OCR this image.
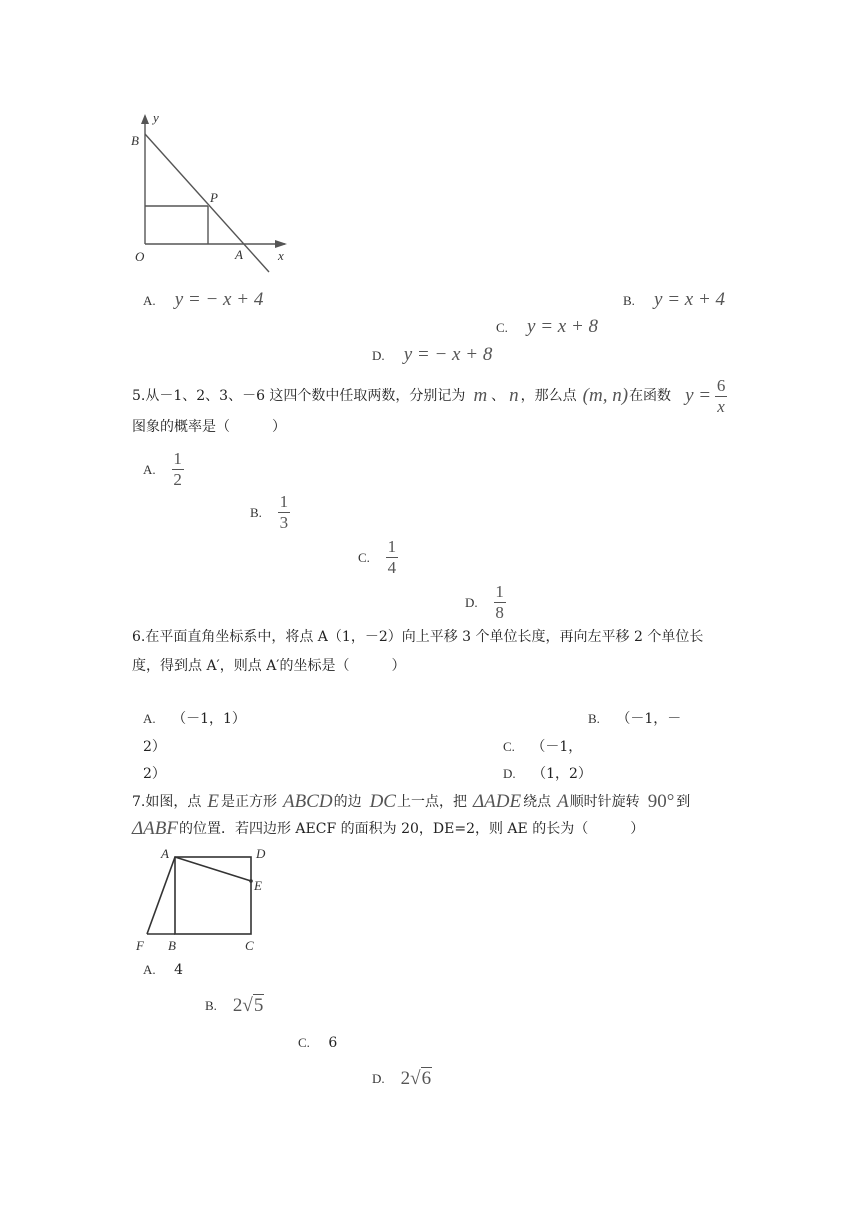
y
x
B
P
O	A
A. y = − x + 4	B. y = x + 4
C. y = x + 8
D. y = − x + 8
5.从－1、2、3、－6 这四个数中任取两数，分别记为 m 、 n ，那么点 (m, n) 在函数 $y = \frac{6}{x}$
图象的概率是（　　　）
A. $\frac{1}{2}$
B. $\frac{1}{3}$
C. $\frac{1}{4}$
D. $\frac{1}{8}$
6.在平面直角坐标系中，将点 A（1，－2）向上平移 3 个单位长度，再向左平移 2 个单位长
度，得到点 A′，则点 A′的坐标是（　　　）
A. （－1，1）	B. （－1，－
2）	C. （－1，
2）	D. （1，2）
7.如图，点 E 是正方形 ABCD 的边 DC 上一点，把 ΔADE 绕点 A 顺时针旋转 90° 到
ΔABF 的位置．若四边形 AECF 的面积为 20，DE=2，则 AE 的长为（　　　）
A	D
E
F B	C
A. 4
B. 2√5
C. 6
D. 2√6
